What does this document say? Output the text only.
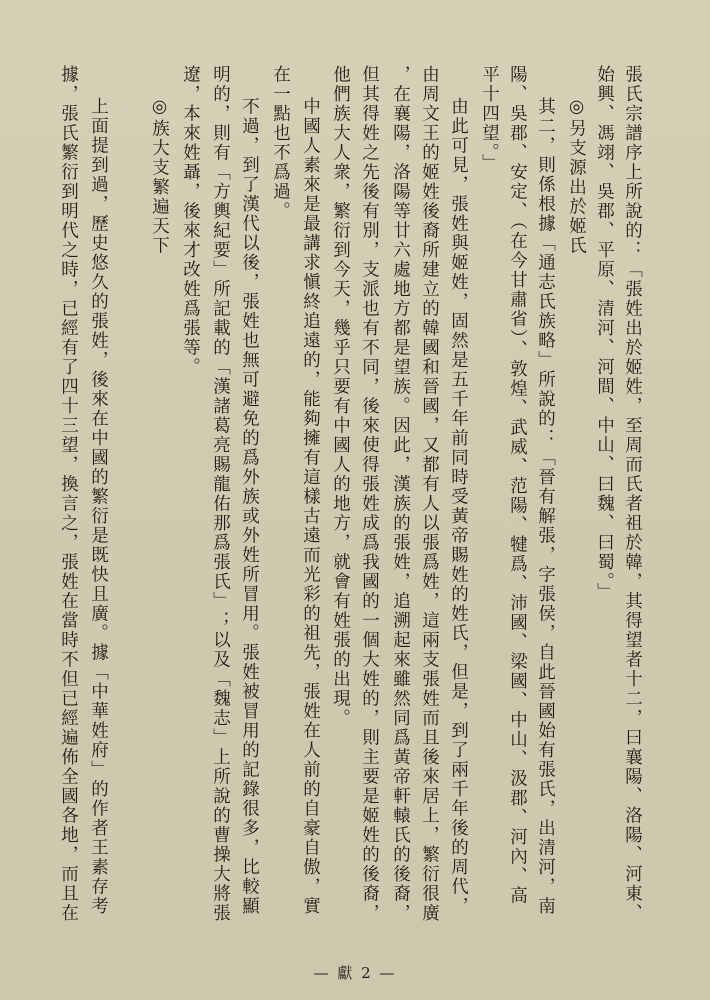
張氏宗譜序上所說的：「張姓出於姬姓，至周而氏者祖於韓，其得望者十二，曰襄陽、洛陽、河東、
始興、馮翊、吳郡、平原、清河、河間、中山、曰魏、曰蜀。」
◎另支源出於姬氏
其二，則係根據「通志氏族略」所說的：「晉有解張，字張侯，自此晉國始有張氏，出清河，南
陽、吳郡、安定、（在今甘肅省）、敦煌、武威、范陽、犍爲、沛國、梁國、中山、汲郡、河內、高
平十四望。」
由此可見，張姓與姬姓，固然是五千年前同時受黃帝賜姓的姓氏，但是，到了兩千年後的周代，
由周文王的姬姓後裔所建立的韓國和晉國，又都有人以張爲姓，這兩支張姓而且後來居上，繁衍很廣
，在襄陽，洛陽等廿六處地方都是望族。因此，漢族的張姓，追溯起來雖然同爲黃帝軒轅氏的後裔，
但其得姓之先後有別，支派也有不同，後來使得張姓成爲我國的一個大姓的，則主要是姬姓的後裔，
他們族大人衆，繁衍到今天，幾乎只要有中國人的地方，就會有姓張的出現。
中國人素來是最講求愼終追遠的，能夠擁有這樣古遠而光彩的祖先，張姓在人前的自豪自傲，實
在一點也不爲過。
不過，到了漢代以後，張姓也無可避免的爲外族或外姓所冒用。張姓被冒用的記錄很多，比較顯
明的，則有「方輿紀要」所記載的「漢諸葛亮賜龍佑那爲張氏」；以及「魏志」上所說的曹操大將張
遼，本來姓聶，後來才改姓爲張等。
◎族大支繁遍天下
上面提到過，歷史悠久的張姓，後來在中國的繁衍是既快且廣。據「中華姓府」的作者王素存考
據，張氏繁衍到明代之時，已經有了四十三望，換言之，張姓在當時不但已經遍佈全國各地，而且在
— 獻 2 —
